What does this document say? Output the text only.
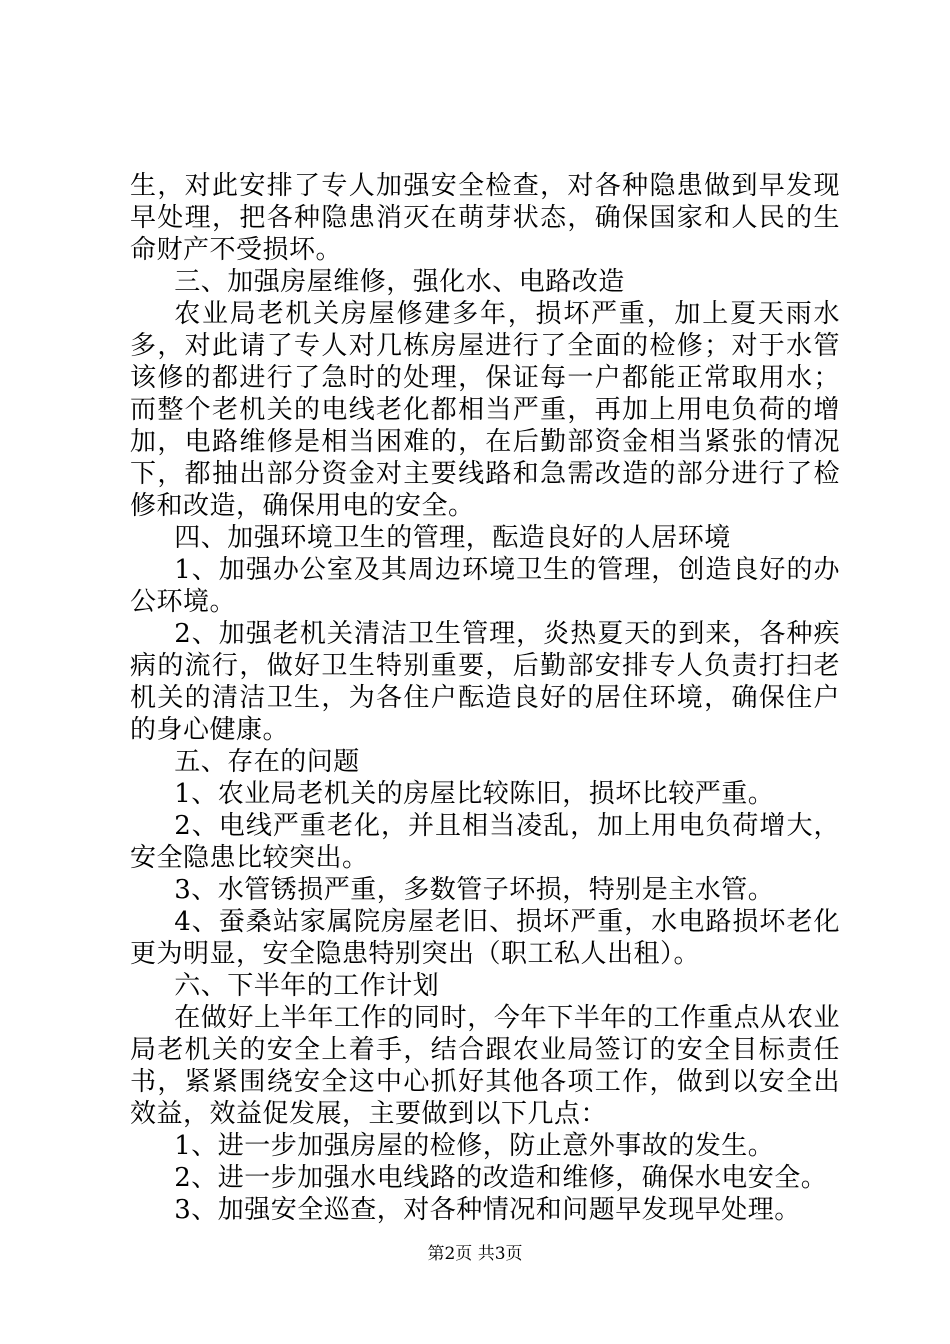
生，对此安排了专人加强安全检查，对各种隐患做到早发现早处理，把各种隐患消灭在萌芽状态，确保国家和人民的生命财产不受损坏。

三、加强房屋维修，强化水、电路改造

农业局老机关房屋修建多年，损坏严重，加上夏天雨水多，对此请了专人对几栋房屋进行了全面的检修；对于水管该修的都进行了急时的处理，保证每一户都能正常取用水；而整个老机关的电线老化都相当严重，再加上用电负荷的增加，电路维修是相当困难的，在后勤部资金相当紧张的情况下，都抽出部分资金对主要线路和急需改造的部分进行了检修和改造，确保用电的安全。

四、加强环境卫生的管理，酝造良好的人居环境

1、加强办公室及其周边环境卫生的管理，创造良好的办公环境。

2、加强老机关清洁卫生管理，炎热夏天的到来，各种疾病的流行，做好卫生特别重要，后勤部安排专人负责打扫老机关的清洁卫生，为各住户酝造良好的居住环境，确保住户的身心健康。

五、存在的问题

1、农业局老机关的房屋比较陈旧，损坏比较严重。

2、电线严重老化，并且相当凌乱，加上用电负荷增大，安全隐患比较突出。

3、水管锈损严重，多数管子坏损，特别是主水管。

4、蚕桑站家属院房屋老旧、损坏严重，水电路损坏老化更为明显，安全隐患特别突出（职工私人出租）。

六、下半年的工作计划

在做好上半年工作的同时，今年下半年的工作重点从农业局老机关的安全上着手，结合跟农业局签订的安全目标责任书，紧紧围绕安全这中心抓好其他各项工作，做到以安全出效益，效益促发展，主要做到以下几点：

1、进一步加强房屋的检修，防止意外事故的发生。

2、进一步加强水电线路的改造和维修，确保水电安全。

3、加强安全巡查，对各种情况和问题早发现早处理。

第2页 共3页
